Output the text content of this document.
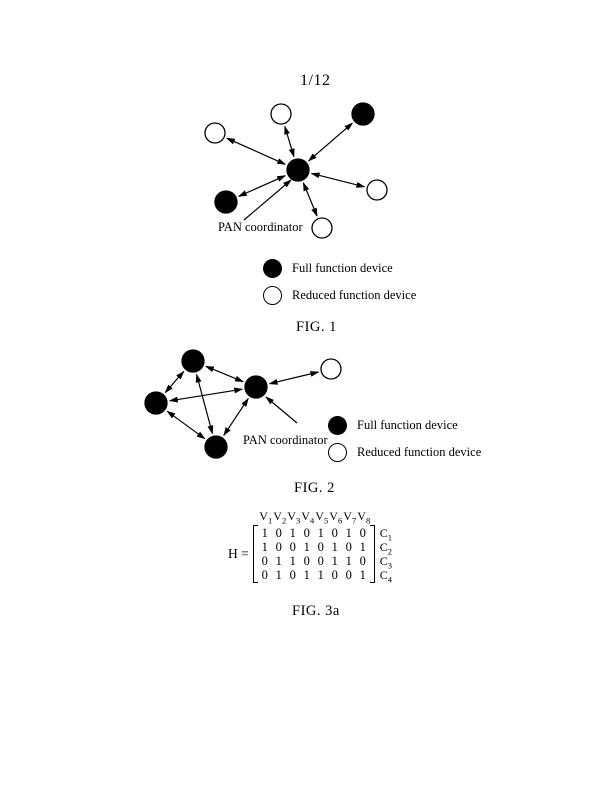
1/12
PAN coordinator
Full function device
Reduced function device
FIG. 1
PAN coordinator
Full function device
Reduced function device
FIG. 2
H =
$V_1$ $V_2$ $V_3$ $V_4$ $V_5$ $V_6$ $V_7$ $V_8$
1 0 1 0 1 0 1 0
1 0 0 1 0 1 0 1
0 1 1 0 0 1 1 0
0 1 0 1 1 0 0 1
$C_1$
$C_2$
$C_3$
$C_4$
FIG. 3a
